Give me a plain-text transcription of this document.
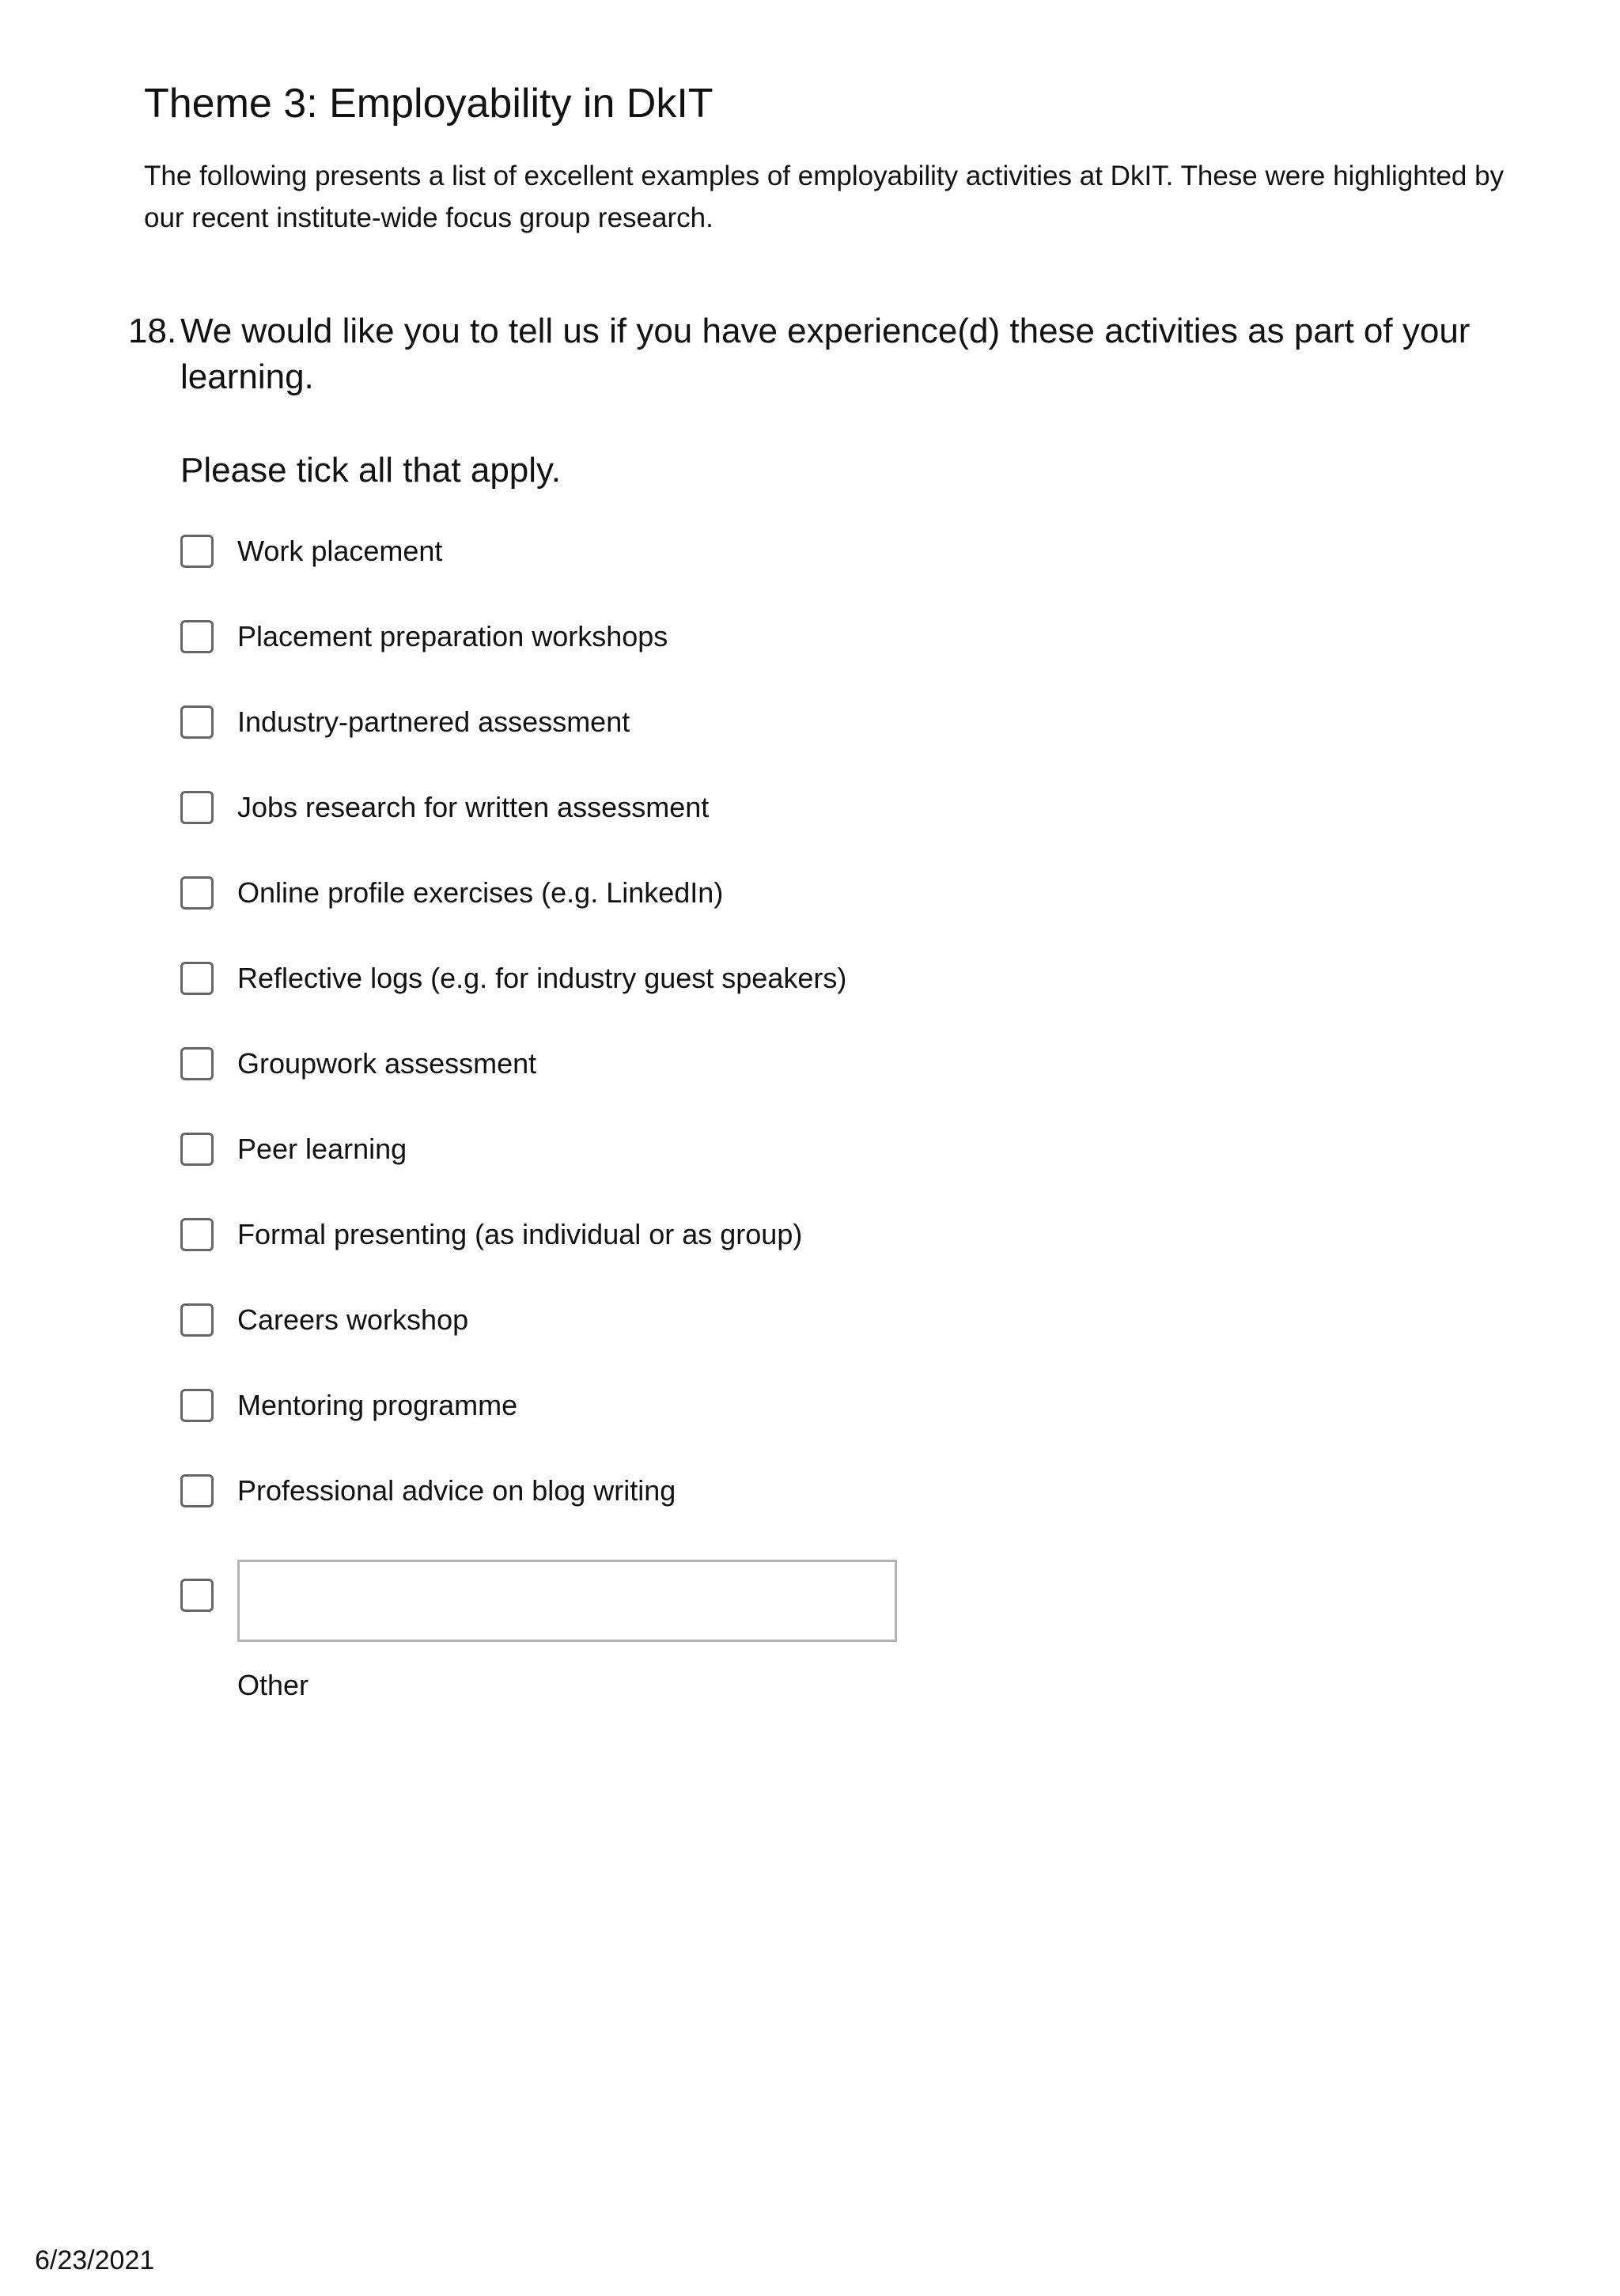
Theme 3: Employability in DkIT

The following presents a list of excellent examples of employability activities at DkIT. These were highlighted by our recent institute-wide focus group research.

18. We would like you to tell us if you have experience(d) these activities as part of your learning.

Please tick all that apply.

Work placement
Placement preparation workshops
Industry-partnered assessment
Jobs research for written assessment
Online profile exercises (e.g. LinkedIn)
Reflective logs (e.g. for industry guest speakers)
Groupwork assessment
Peer learning
Formal presenting (as individual or as group)
Careers workshop
Mentoring programme
Professional advice on blog writing
Other
6/23/2021
